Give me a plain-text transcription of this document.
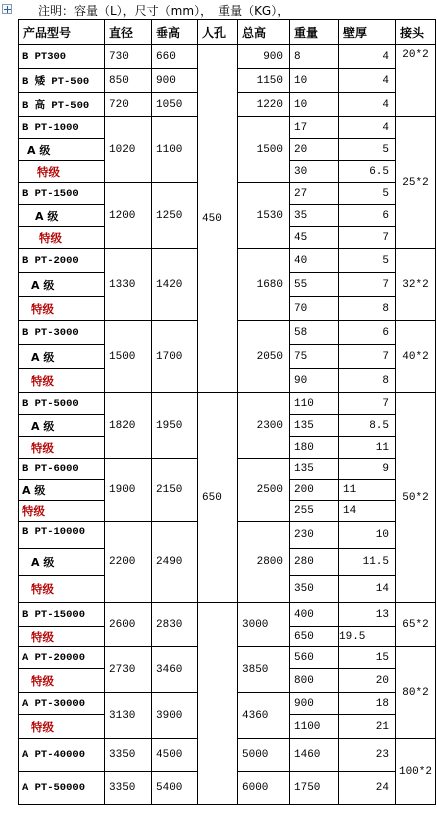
注明：容量（L），尺寸（mm），　重量（KG），
产品型号	直径	垂高	人孔	总高	重量	壁厚	接头
B PT300	730	660	450	900	8	4	20*2
B 矮 PT-500	850	900		1150	10	4	
B 高 PT-500	720	1050		1220	10	4	
B PT-1000	1020	1100		1500	17	4	25*2
A 级					20	5	
特级					30	6.5	
B PT-1500	1200	1250		1530	27	5	
A 级					35	6	
特级					45	7	
B PT-2000	1330	1420		1680	40	5	32*2
A 级					55	7	
特级					70	8	
B PT-3000	1500	1700		2050	58	6	40*2
A 级					75	7	
特级					90	8	
B PT-5000	1820	1950	650	2300	110	7	50*2
A 级					135	8.5	
特级					180	11	
B PT-6000	1900	2150		2500	135	9	
A 级					200	11	
特级					255	14	
B PT-10000	2200	2490		2800	230	10	
A 级					280	11.5	
特级					350	14	
B PT-15000	2600	2830		3000	400	13	65*2
特级					650	19.5	
A PT-20000	2730	3460		3850	560	15	80*2
特级					800	20	
A PT-30000	3130	3900		4360	900	18	
特级					1100	21	
A PT-40000	3350	4500		5000	1460	23	100*2
A PT-50000	3350	5400		6000	1750	24	
